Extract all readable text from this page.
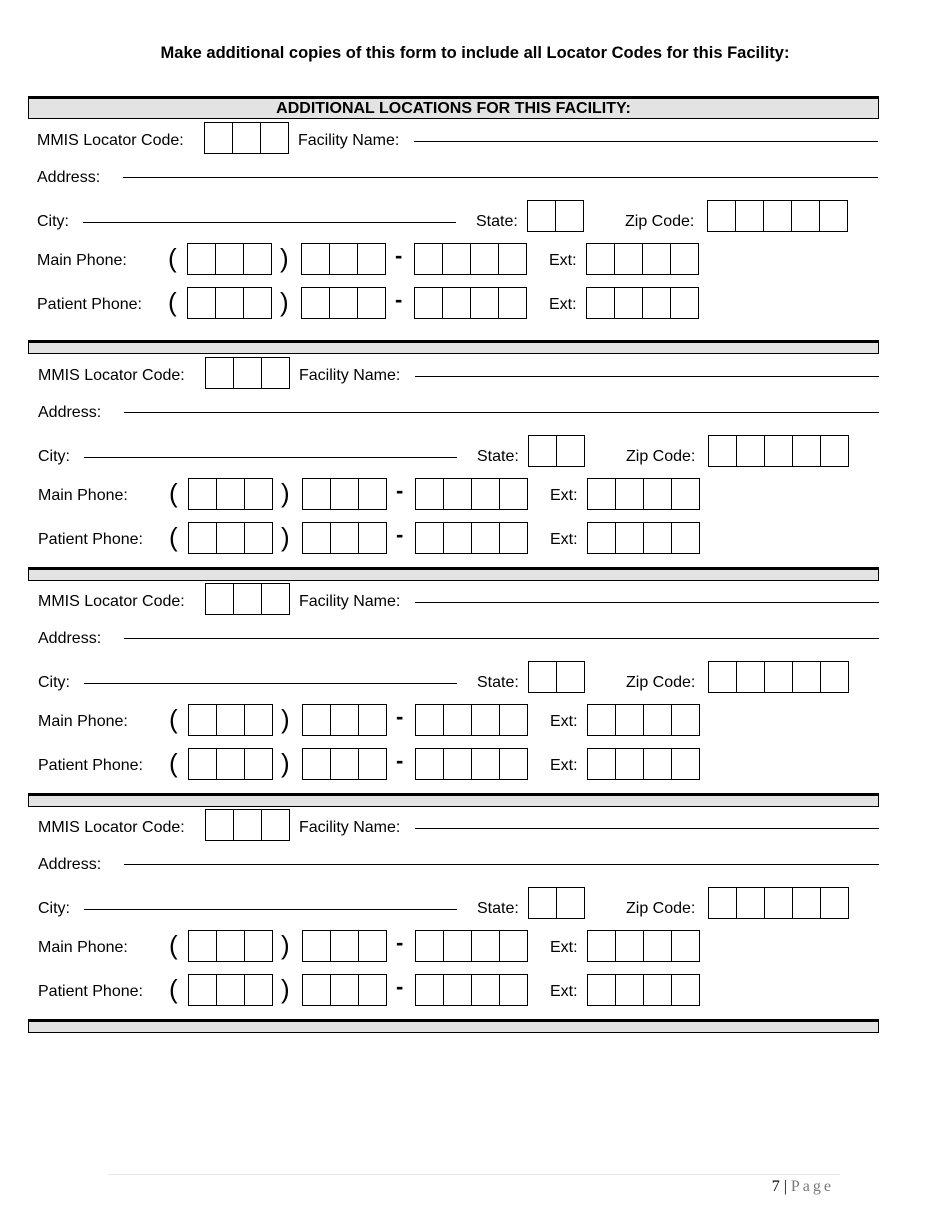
Make additional copies of this form to include all Locator Codes for this Facility:
ADDITIONAL LOCATIONS FOR THIS FACILITY:
MMIS Locator Code:	Facility Name:
Address:
City:	State:	Zip Code:
Main Phone: (	)	-	Ext:
Patient Phone: (	)	-	Ext:
MMIS Locator Code:	Facility Name:
Address:
City:	State:	Zip Code:
Main Phone: (	)	-	Ext:
Patient Phone: (	)	-	Ext:
MMIS Locator Code:	Facility Name:
Address:
City:	State:	Zip Code:
Main Phone: (	)	-	Ext:
Patient Phone: (	)	-	Ext:
MMIS Locator Code:	Facility Name:
Address:
City:	State:	Zip Code:
Main Phone: (	)	-	Ext:
Patient Phone: (	)	-	Ext:
7 | Page
